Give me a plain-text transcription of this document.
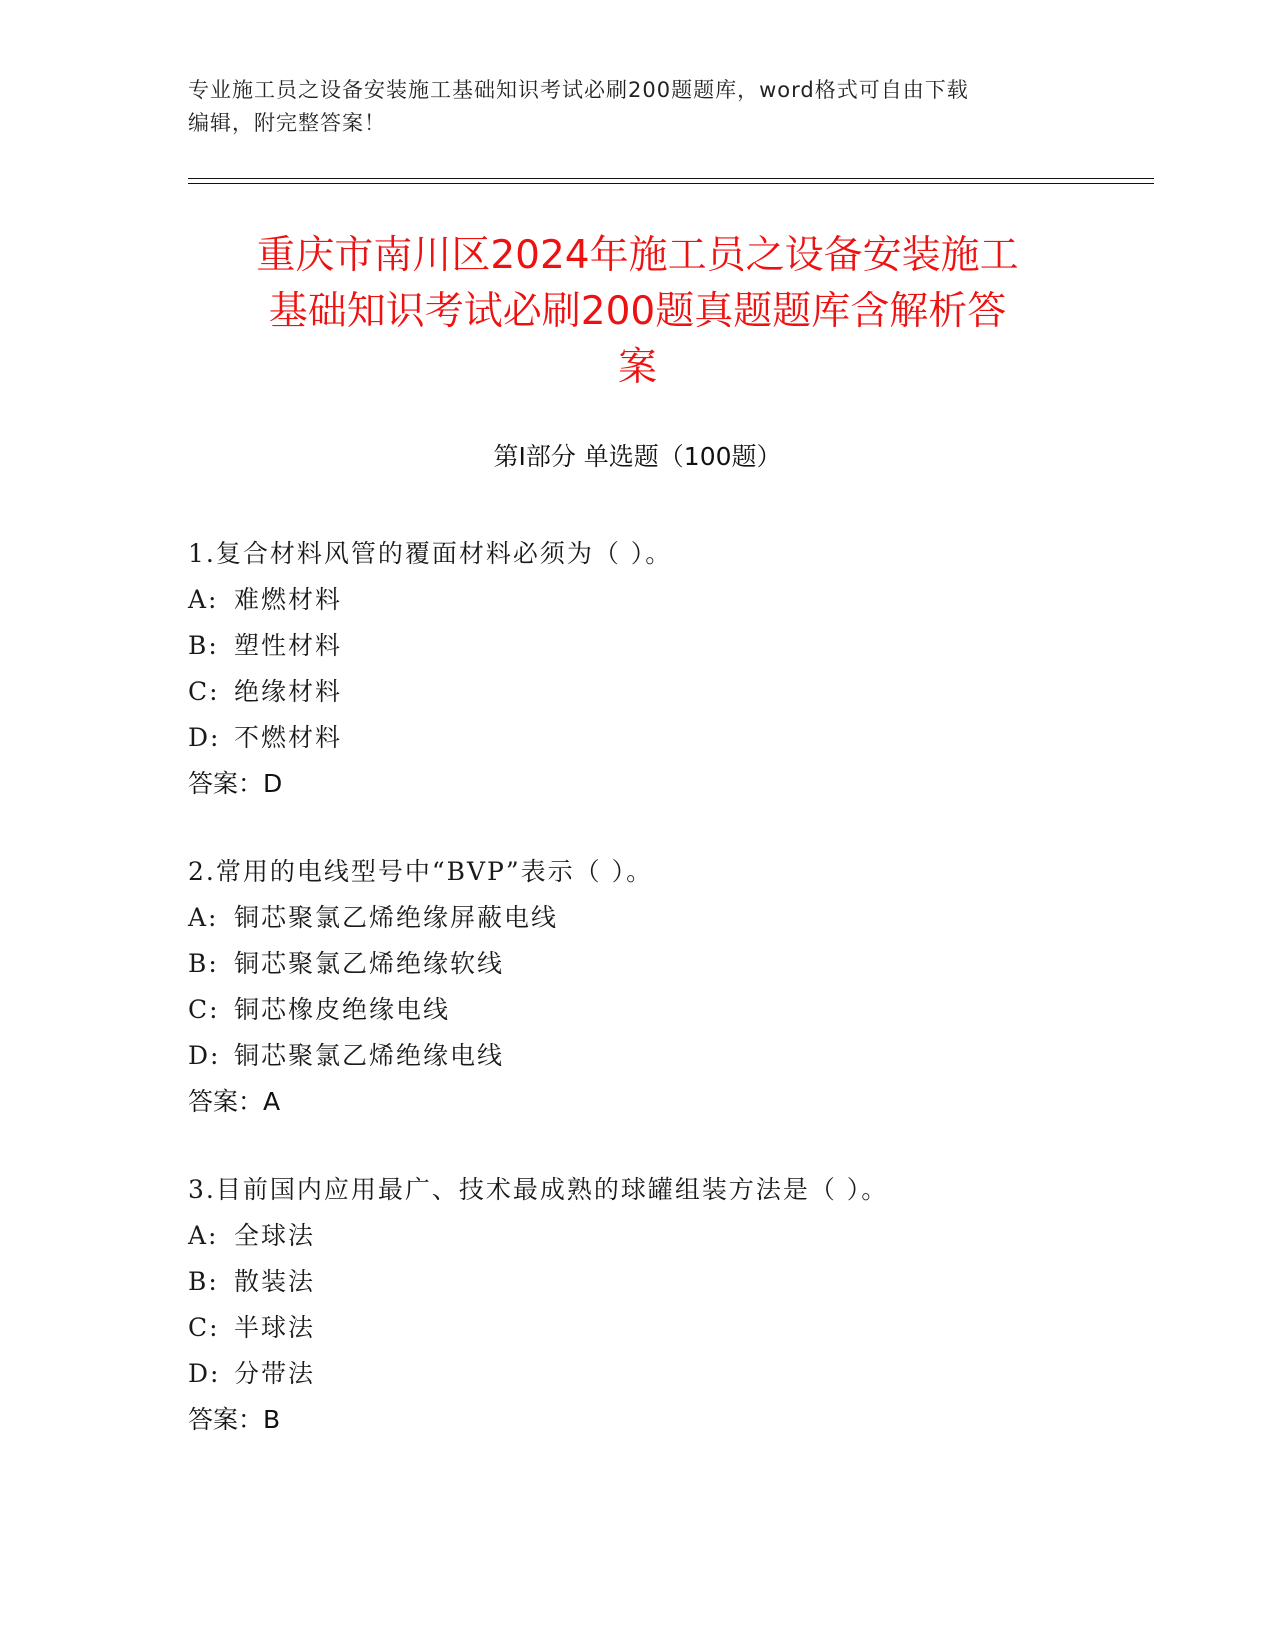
专业施工员之设备安装施工基础知识考试必刷200题题库，word格式可自由下载
编辑，附完整答案！
重庆市南川区2024年施工员之设备安装施工
基础知识考试必刷200题真题题库含解析答
案
第I部分 单选题（100题）
1.复合材料风管的覆面材料必须为（ ）。
A: 难燃材料
B: 塑性材料
C: 绝缘材料
D: 不燃材料
答案：D
2.常用的电线型号中“BVP”表示（ ）。
A: 铜芯聚氯乙烯绝缘屏蔽电线
B: 铜芯聚氯乙烯绝缘软线
C: 铜芯橡皮绝缘电线
D: 铜芯聚氯乙烯绝缘电线
答案：A
3.目前国内应用最广、技术最成熟的球罐组装方法是（ ）。
A: 全球法
B: 散装法
C: 半球法
D: 分带法
答案：B
